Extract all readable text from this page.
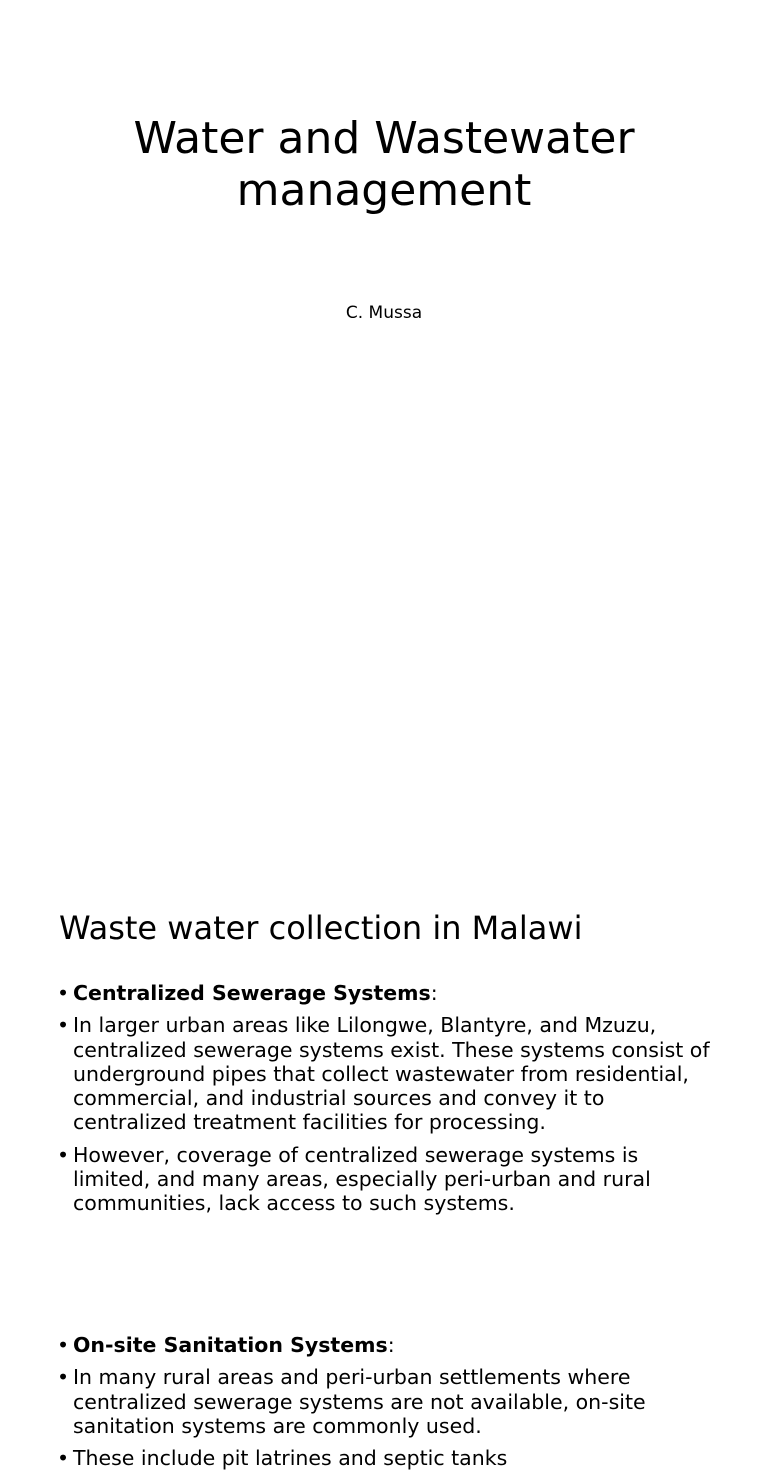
Water and Wastewater
management

C. Mussa

Waste water collection in Malawi
• Centralized Sewerage Systems:
• In larger urban areas like Lilongwe, Blantyre, and Mzuzu, centralized sewerage systems exist. These systems consist of underground pipes that collect wastewater from residential, commercial, and industrial sources and convey it to centralized treatment facilities for processing.
• However, coverage of centralized sewerage systems is limited, and many areas, especially peri-urban and rural communities, lack access to such systems.
• On-site Sanitation Systems:
• In many rural areas and peri-urban settlements where centralized sewerage systems are not available, on-site sanitation systems are commonly used.
• These include pit latrines and septic tanks
